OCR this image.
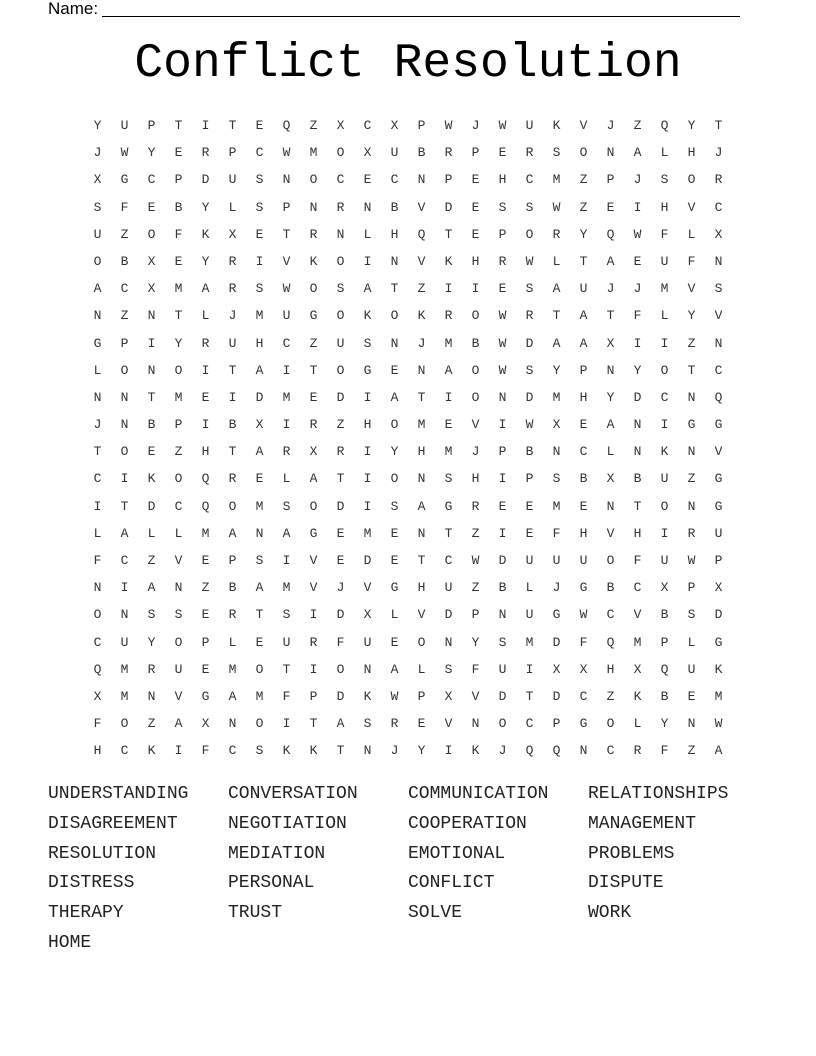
Name:
Conflict Resolution
Y U P T I T E Q Z X C X P W J W U K V J Z Q Y T
J W Y E R P C W M O X U B R P E R S O N A L H J
X G C P D U S N O C E C N P E H C M Z P J S O R
S F E B Y L S P N R N B V D E S S W Z E I H V C
U Z O F K X E T R N L H Q T E P O R Y Q W F L X
O B X E Y R I V K O I N V K H R W L T A E U F N
A C X M A R S W O S A T Z I I E S A U J J M V S
N Z N T L J M U G O K O K R O W R T A T F L Y V
G P I Y R U H C Z U S N J M B W D A A X I I Z N
L O N O I T A I T O G E N A O W S Y P N Y O T C
N N T M E I D M E D I A T I O N D M H Y D C N Q
J N B P I B X I R Z H O M E V I W X E A N I G G
T O E Z H T A R X R I Y H M J P B N C L N K N V
C I K O Q R E L A T I O N S H I P S B X B U Z G
I T D C Q O M S O D I S A G R E E M E N T O N G
L A L L M A N A G E M E N T Z I E F H V H I R U
F C Z V E P S I V E D E T C W D U U U O F U W P
N I A N Z B A M V J V G H U Z B L J G B C X P X
O N S S E R T S I D X L V D P N U G W C V B S D
C U Y O P L E U R F U E O N Y S M D F Q M P L G
Q M R U E M O T I O N A L S F U I X X H X Q U K
X M N V G A M F P D K W P X V D T D C Z K B E M
F O Z A X N O I T A S R E V N O C P G O L Y N W
H C K I F C S K K T N J Y I K J Q Q N C R F Z A
UNDERSTANDING CONVERSATION	COMMUNICATION RELATIONSHIPS
DISAGREEMENT	NEGOTIATION	COOPERATION	MANAGEMENT
RESOLUTION	MEDIATION	EMOTIONAL	PROBLEMS
DISTRESS	PERSONAL	CONFLICT	DISPUTE
THERAPY	TRUST	SOLVE	WORK
HOME
